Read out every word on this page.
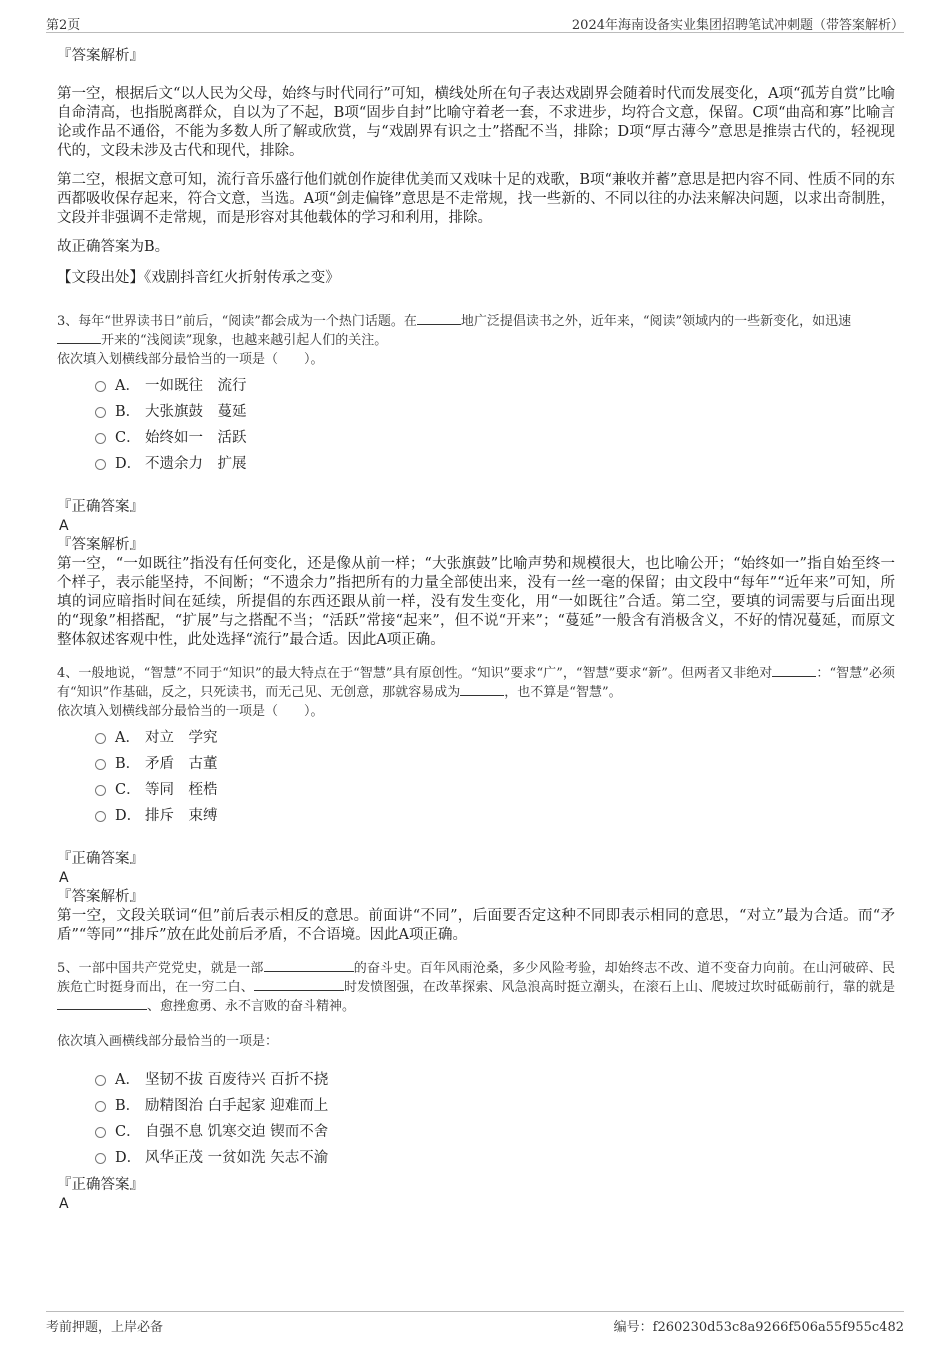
第2页	2024年海南设备实业集团招聘笔试冲刺题（带答案解析）

『答案解析』

第一空，根据后文“以人民为父母，始终与时代同行”可知，横线处所在句子表达戏剧界会随着时代而发展变化，A项“孤芳自赏”比喻自命清高，也指脱离群众，自以为了不起，B项“固步自封”比喻守着老一套，不求进步，均符合文意，保留。C项“曲高和寡”比喻言论或作品不通俗，不能为多数人所了解或欣赏，与“戏剧界有识之士”搭配不当，排除；D项“厚古薄今”意思是推崇古代的，轻视现代的，文段未涉及古代和现代，排除。

第二空，根据文意可知，流行音乐盛行他们就创作旋律优美而又戏味十足的戏歌，B项“兼收并蓄”意思是把内容不同、性质不同的东西都吸收保存起来，符合文意，当选。A项“剑走偏锋”意思是不走常规，找一些新的、不同以往的办法来解决问题，以求出奇制胜，文段并非强调不走常规，而是形容对其他载体的学习和利用，排除。

故正确答案为B。

【文段出处】《戏剧抖音红火折射传承之变》

3、每年“世界读书日”前后，“阅读”都会成为一个热门话题。在	地广泛提倡读书之外，近年来，“阅读”领域内的一些新变化，如迅速
开来的“浅阅读”现象，也越来越引起人们的关注。

依次填入划横线部分最恰当的一项是（　　）。

A． 一如既往　流行
B． 大张旗鼓　蔓延
C． 始终如一　活跃
D． 不遗余力　扩展

『正确答案』

A

『答案解析』

第一空，“一如既往”指没有任何变化，还是像从前一样；“大张旗鼓”比喻声势和规模很大，也比喻公开；“始终如一”指自始至终一个样子，表示能坚持，不间断；“不遗余力”指把所有的力量全部使出来，没有一丝一毫的保留；由文段中“每年”“近年来”可知，所填的词应暗指时间在延续，所提倡的东西还跟从前一样，没有发生变化，用“一如既往”合适。第二空，要填的词需要与后面出现的“现象”相搭配，“扩展”与之搭配不当；“活跃”常接“起来”，但不说“开来”；“蔓延”一般含有消极含义，不好的情况蔓延，而原文整体叙述客观中性，此处选择“流行”最合适。因此A项正确。

4、一般地说，“智慧”不同于“知识”的最大特点在于“智慧”具有原创性。“知识”要求“广”，“智慧”要求“新”。但两者又非绝对	：“智慧”必须有“知识”作基础，反之，只死读书，而无己见、无创意，那就容易成为	，也不算是“智慧”。

依次填入划横线部分最恰当的一项是（　　）。

A． 对立　学究
B． 矛盾　古董
C． 等同　桎梏
D． 排斥　束缚

『正确答案』

A

『答案解析』

第一空，文段关联词“但”前后表示相反的意思。前面讲“不同”，后面要否定这种不同即表示相同的意思，“对立”最为合适。而“矛盾”“等同”“排斥”放在此处前后矛盾，不合语境。因此A项正确。

5、一部中国共产党党史，就是一部	的奋斗史。百年风雨沧桑，多少风险考验，却始终志不改、道不变奋力向前。在山河破碎、民族危亡时挺身而出，在一穷二白、	时发愤图强，在改革探索、风急浪高时挺立潮头，在滚石上山、爬坡过坎时砥砺前行，靠的就是、愈挫愈勇、永不言败的奋斗精神。

依次填入画横线部分最恰当的一项是：

A． 坚韧不拔 百废待兴 百折不挠
B． 励精图治 白手起家 迎难而上
C． 自强不息 饥寒交迫 锲而不舍
D． 风华正茂 一贫如洗 矢志不渝

『正确答案』

A

考前押题，上岸必备	编号：f260230d53c8a9266f506a55f955c482
